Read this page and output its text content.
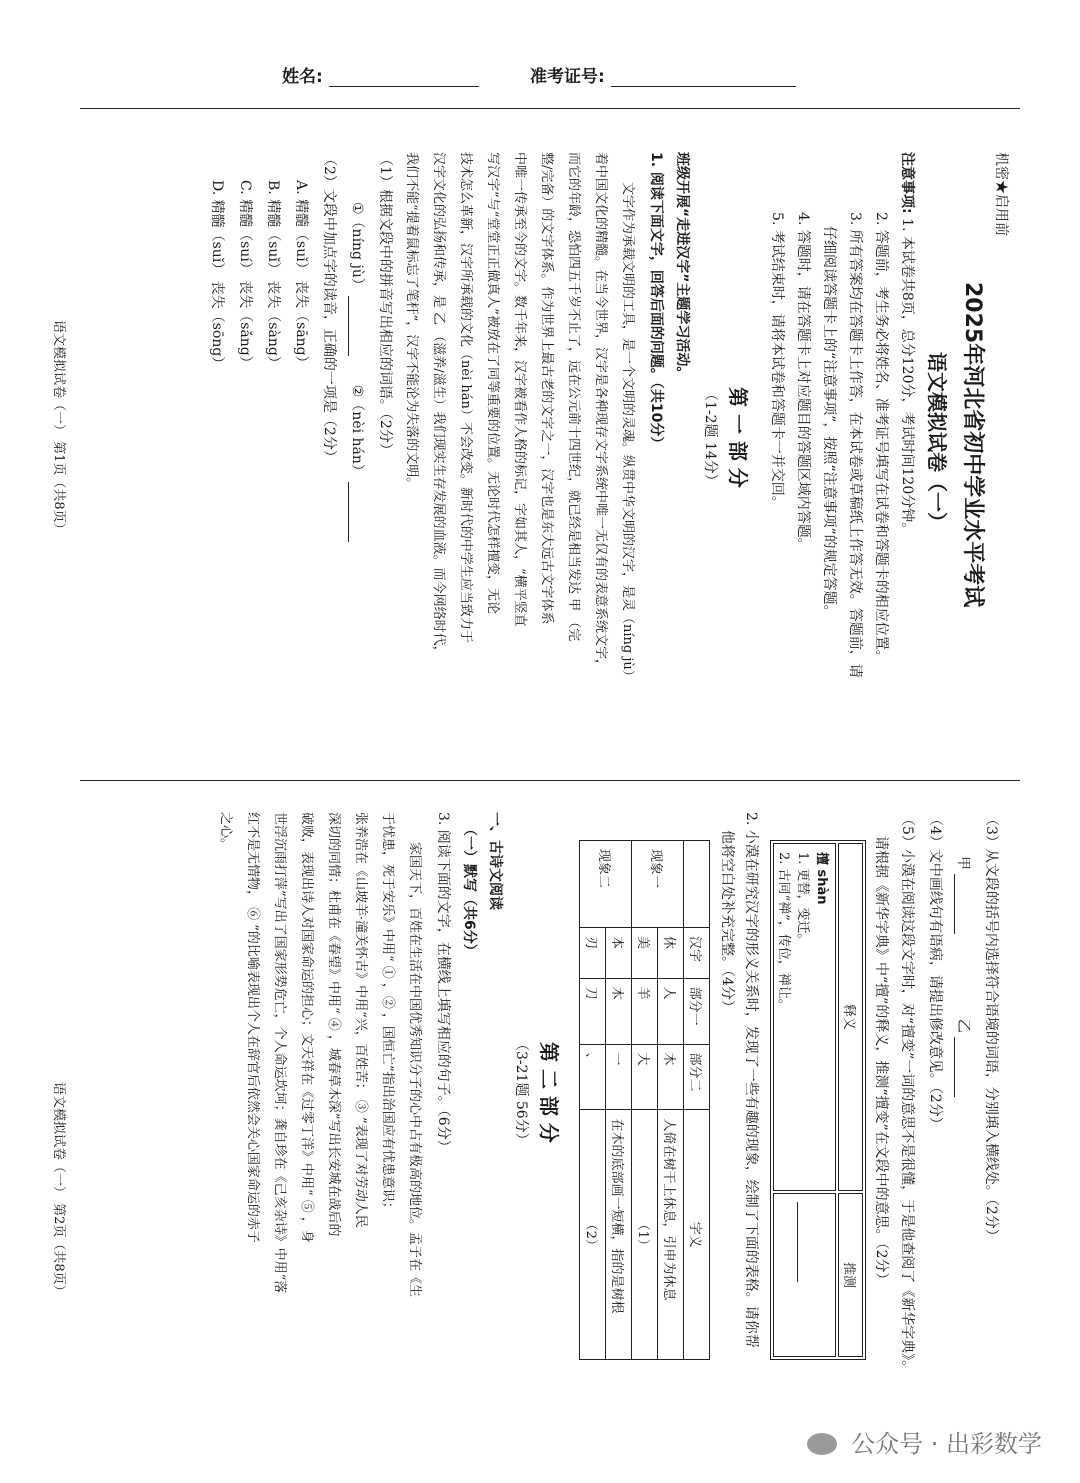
姓名:	准考证号:
机密★启用前
2025年河北省初中学业水平考试
语文模拟试卷（一）
注意事项: 1. 本试卷共8页，总分120分，考试时间120分钟。
2. 答题前，考生务必将姓名、准考证号填写在试卷和答题卡的相应位置。
3. 所有答案均在答题卡上作答，在本试卷或草稿纸上作答无效。答题前，请
仔细阅读答题卡上的“注意事项”，按照“注意事项”的规定答题。
4. 答题时，请在答题卡上对应题目的答题区域内答题。
5. 考试结束时，请将本试卷和答题卡一并交回。
第 一 部 分
（1-2题 14分）
班级开展“走进汉字”主题学习活动。
1. 阅读下面文字，回答后面的问题。（共10分）
文字作为承载文明的工具，是一个文明的灵魂。纵贯中华文明的汉字，是灵（níng jù）
着中国文化的精髓。在当今世界，汉字是各种现存文字系统中唯一无仅有的表意系统文字，
而它的年龄，恐怕四五千岁不止了，远在公元前十四世纪，就已经是相当发达 甲 （完
整/完备）的文字体系。作为世界上最古老的文字之一，汉字也是东大远古文字体系
中唯一传承至今的文字。数千年来，汉字被看作人格的标记，字如其人，“横平竖直
写汉字”与“堂堂正正做真人”被放在了同等重要的位置。无论时代怎样擅变，无论
技术怎么革新，汉字所承载的文化（nèi hán）不会改变。新时代的中学生应当致力于
汉字文化的弘扬和传承，是 乙 （滋养/滋生）我们现实生存发展的血液。而今网络时代，
我们不能“提着鼠标忘了笔杆”，汉字不能沦为失落的文明。
（1）根据文段中的拼音写出相应的词语。（2分）
①（níng jù）  ②（nèi hán）
（2）文段中加点字的读音，正确的一项是（2分）
A. 精髓（suǐ） 丧失（sāng）
B. 精髓（suǐ） 丧失（sàng）
C. 精髓（suí） 丧失（sǎng）
D. 精髓（suǐ） 丧失（sōng）
语文模拟试卷（一） 第1页（共8页）
（3）从文段的括号内选择符合语境的词语，分别填入横线处。（2分）
甲  乙
（4）文中画线句有语病，请提出修改意见。（2分）
（5）小漠在阅读这段文字时，对“擅变”一词的意思不是很懂，于是他查阅了《新华字典》。
请根据《新华字典》中“擅”的释义，推测“擅变”在文段中的意思。（2分）
释义	推测

擅 shàn
1. 更替，变迁。
2. 古同“禅”，传位，禅让。	

2. 小漠在研究汉字的形义关系时，发现了一些有趣的现象，绘制了下面的表格。请你帮
他将空白处补充完整。（4分）
	汉字	部分一	部分二	字义
现象一	休	人	木	人倚在树干上休息，引申为休息
	美	羊	大	（1）
现象二	本	木	一	在木的底部画一短横，指的是树根
	刃	刀	、	（2）
第 二 部 分
（3-21题 56分）
一、古诗文阅读
（一）默写（共6分）
3. 阅读下面的文字，在横线上填写相应的句子。（6分）
家国天下，百姓在生活在中国优秀知识分子的心中占有极高的地位。孟子在《生
于忧患，死于安乐》中用“ ① ，② ，国恒亡”指出治国应有忧患意识；
张养浩在《山坡羊·潼关怀古》中用“兴，百姓苦； ③ ”表现了对劳动人民
深切的同情；杜甫在《春望》中用“ ④ ，城春草木深”写出长安城在战后的
破败，表现出诗人对国家命运的担心；文天祥在《过零丁洋》中用“ ⑤ ，身
世浮沉雨打萍”写出了国家形势危亡，个人命运坎坷；龚自珍在《己亥杂诗》中用“落
红不是无情物， ⑥ ”的比喻表现出个人在辞官后依然会关心国家命运的赤子
之心。
语文模拟试卷（一） 第2页（共8页）
公众号 · 出彩数学
